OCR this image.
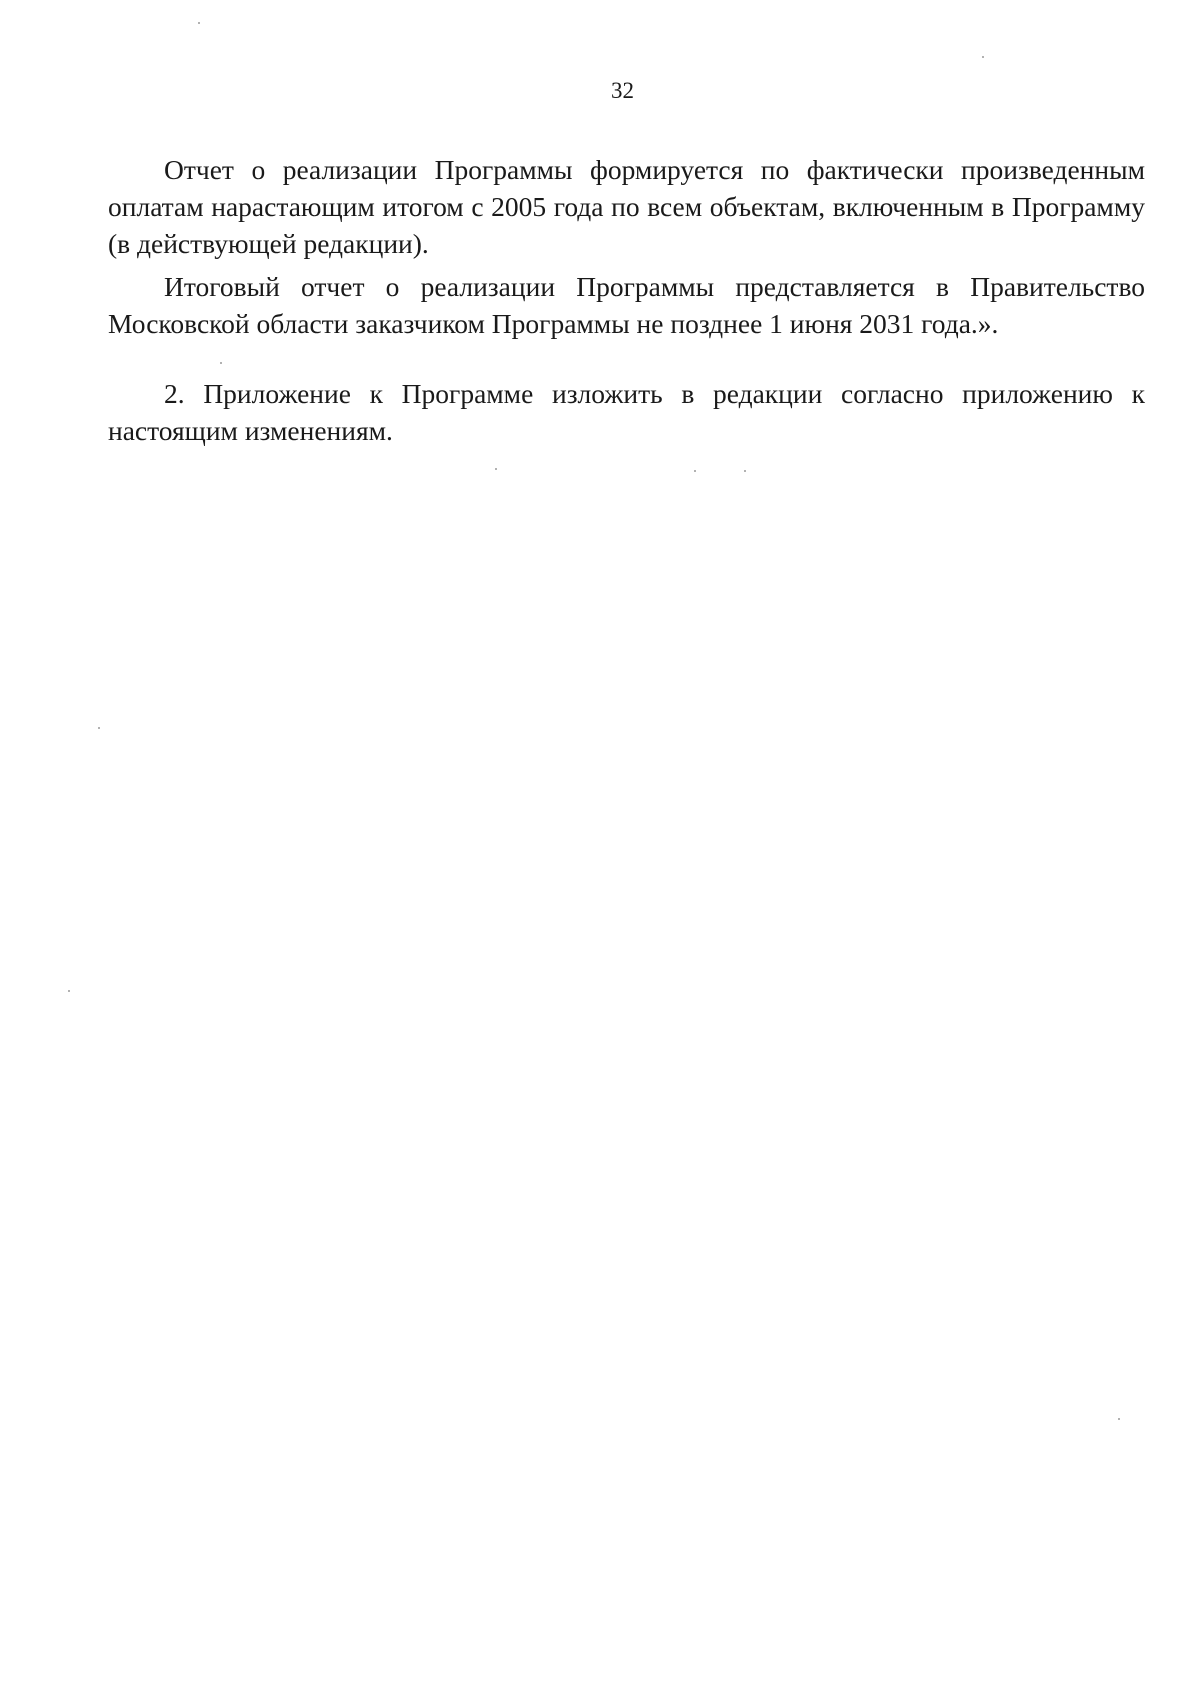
32

Отчет о реализации Программы формируется по фактически произведенным оплатам нарастающим итогом с 2005 года по всем объектам, включенным в Программу (в действующей редакции).

Итоговый отчет о реализации Программы представляется в Правительство Московской области заказчиком Программы не позднее 1 июня 2031 года.».

2. Приложение к Программе изложить в редакции согласно приложению к настоящим изменениям.
